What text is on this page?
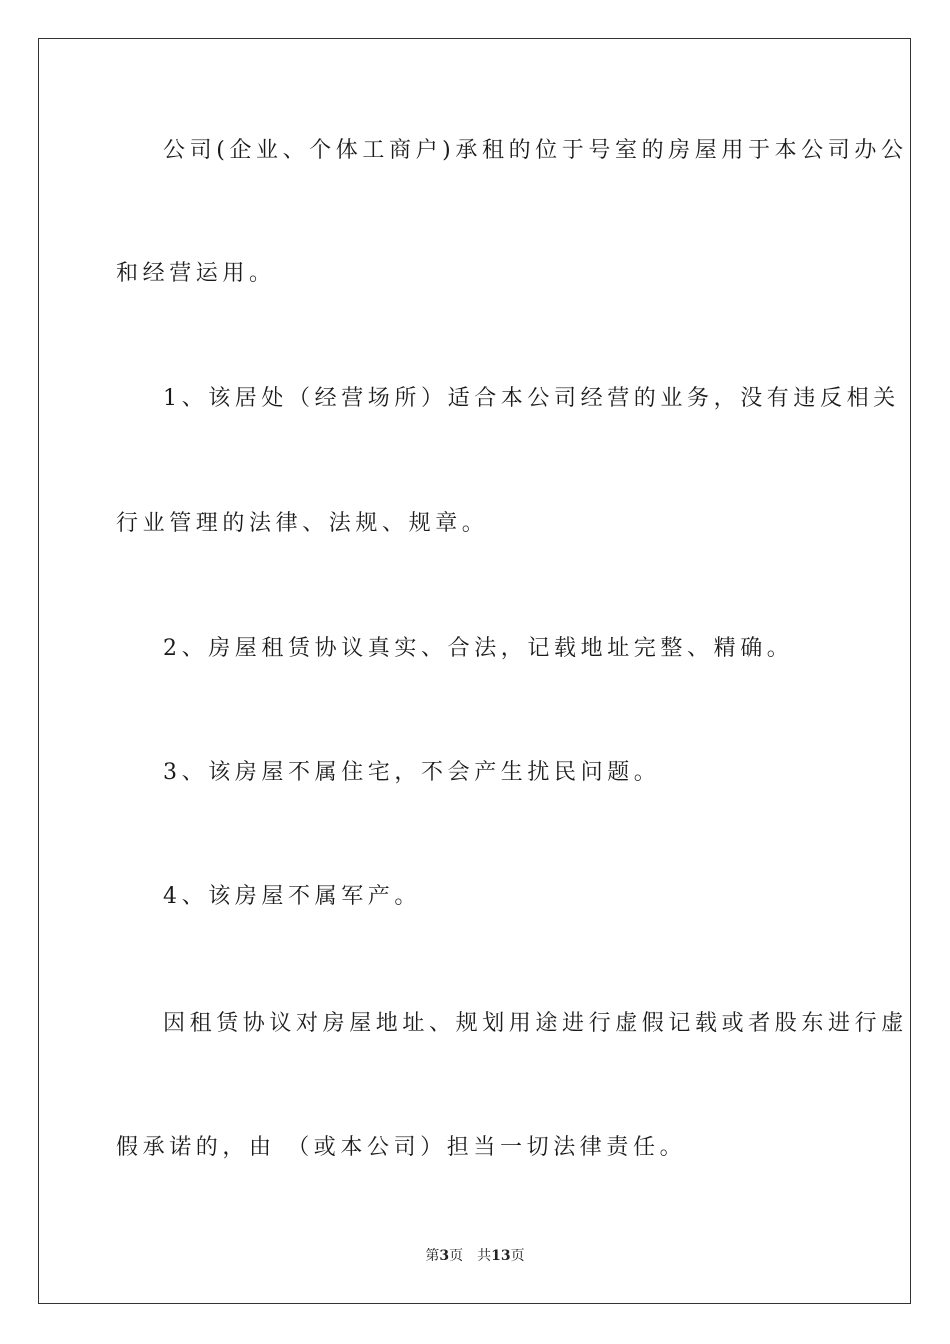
公司(企业、个体工商户)承租的位于号室的房屋用于本公司办公
和经营运用。
1、该居处（经营场所）适合本公司经营的业务，没有违反相关
行业管理的法律、法规、规章。
2、房屋租赁协议真实、合法，记载地址完整、精确。
3、该房屋不属住宅，不会产生扰民问题。
4、该房屋不属军产。
因租赁协议对房屋地址、规划用途进行虚假记载或者股东进行虚
假承诺的，由 （或本公司）担当一切法律责任。
第3页 共13页
